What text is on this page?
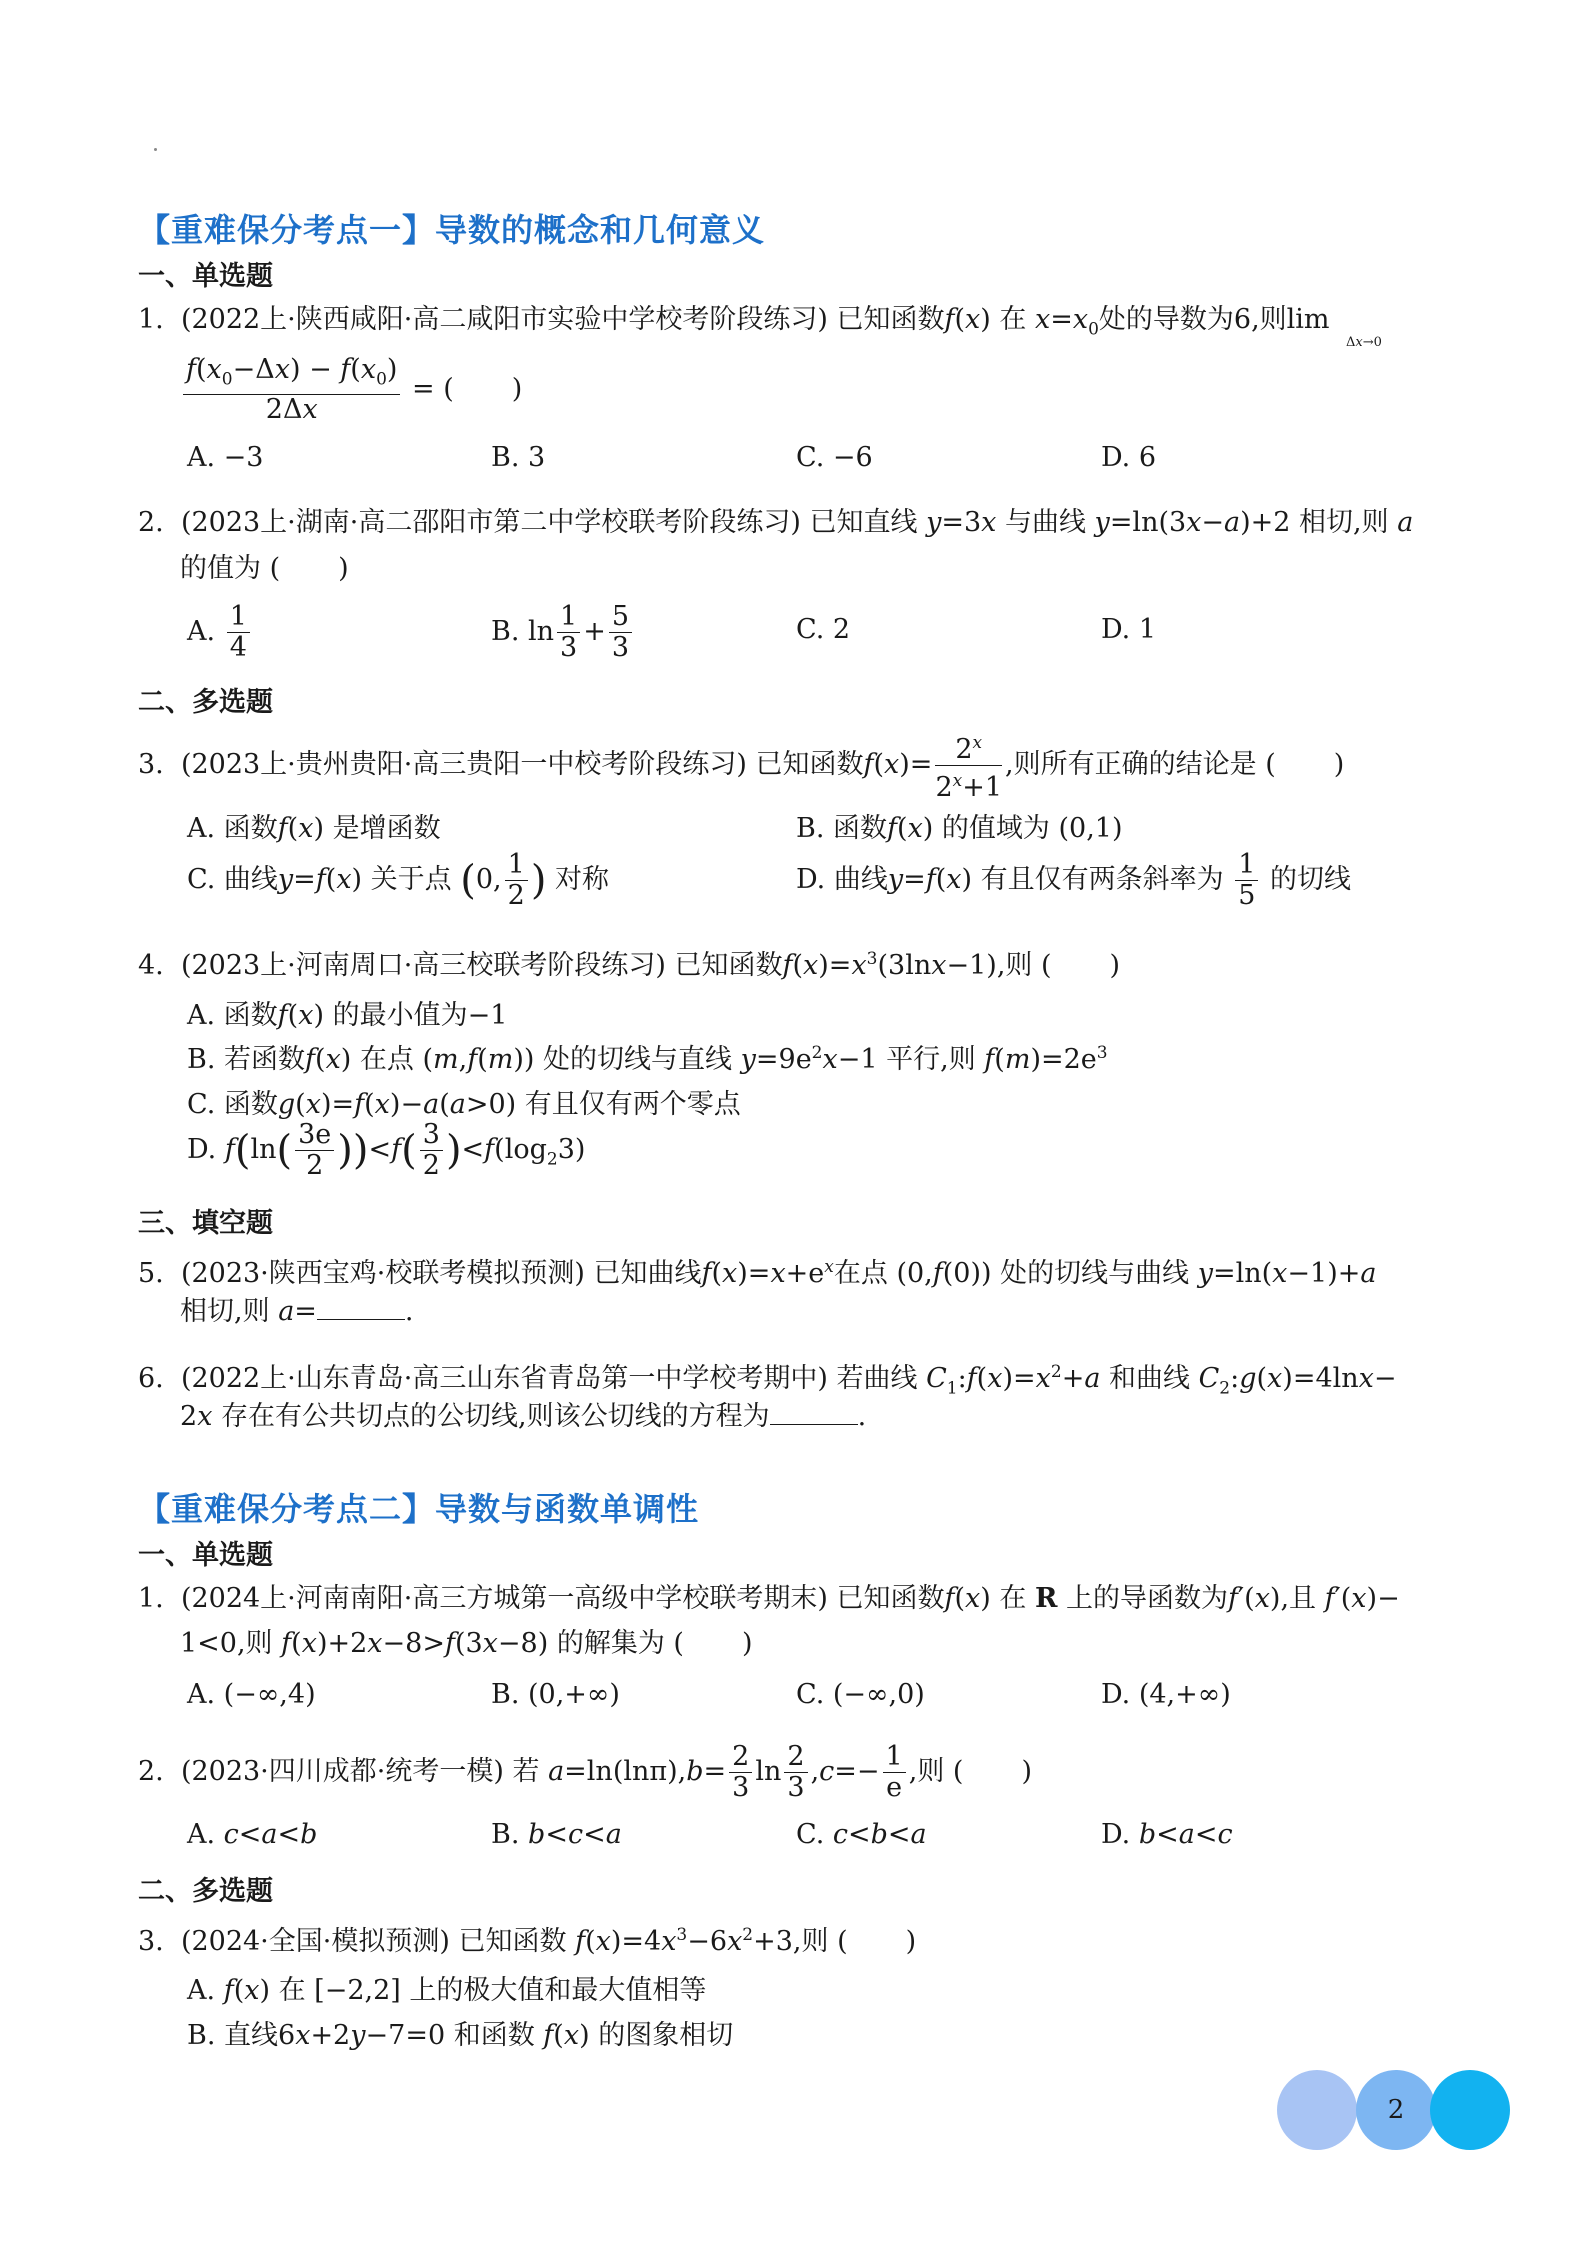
【重难保分考点一】导数的概念和几何意义
一、单选题
1. (2022上·陕西咸阳·高二咸阳市实验中学校考阶段练习) 已知函数f(x) 在 $x=x_0$处的导数为6,则lim
Δx→0
$\frac{f(x_0-\Delta x) - f(x_0)}{2\Delta x}$ = ( )
A. −3	B. 3	C. −6	D. 6
2. (2023上·湖南·高二邵阳市第二中学校联考阶段练习) 已知直线 y=3x 与曲线 y=ln(3x−a)+2 相切,则 a
的值为 ( )
A. $\frac{1}{4}$	B. $\ln \frac{1}{3} + \frac{5}{3}$	C. 2	D. 1
二、多选题
3. (2023上·贵州贵阳·高三贵阳一中校考阶段练习) 已知函数$f(x)= \frac{2^x}{2^x+1}$ ,则所有正确的结论是 ( )
A. 函数f(x) 是增函数	B. 函数f(x) 的值域为 (0,1)
C. 曲线y=f(x) 关于点 (0, $\frac{1}{2}$ ) 对称	D. 曲线y=f(x) 有且仅有两条斜率为 $\frac{1}{5}$ 的切线
4. (2023上·河南周口·高三校联考阶段练习) 已知函数$f(x)=x^3(3\ln x-1)$,则 ( )
A. 函数f(x) 的最小值为−1
B. 若函数f(x) 在点 (m,f(m)) 处的切线与直线 $y=9e^2x-1$ 平行,则 $f(m)=2e^3$
C. 函数g(x)=f(x)−a(a>0) 有且仅有两个零点
D. $f(\ln( \frac{3e}{2} ))<f( \frac{3}{2} )<f(\log_23)$
三、填空题
5. (2023·陕西宝鸡·校联考模拟预测) 已知曲线$f(x)=x+e^x$在点 (0,f(0)) 处的切线与曲线 y=ln(x−1)+a
相切,则 a=	.
6. (2022上·山东青岛·高三山东省青岛第一中学校考期中) 若曲线 $C_1:f(x)=x^2+a$ 和曲线 $C_2:g(x)=4\ln x-$
2x 存在有公共切点的公切线,则该公切线的方程为	.
【重难保分考点二】导数与函数单调性
一、单选题
1. (2024上·河南南阳·高三方城第一高级中学校联考期末) 已知函数f(x) 在 R 上的导函数为f′(x),且 f′(x)−
1<0,则 f(x)+2x−8>f(3x−8) 的解集为 ( )
A. (−∞,4)	B. (0,+∞)	C. (−∞,0)	D. (4,+∞)
2. (2023·四川成都·统考一模) 若 $a=\ln(\ln\pi),b= \frac{2}{3}$ $\ln \frac{2}{3} ,c=- \frac{1}{e}$ ,则 ( )
A. c<a<b	B. b<c<a	C. c<b<a	D. b<a<c
二、多选题
3. (2024·全国·模拟预测) 已知函数 $f(x)=4x^3-6x^2+3$,则 ( )
A. f(x) 在 [−2,2] 上的极大值和最大值相等
B. 直线6x+2y−7=0 和函数 f(x) 的图象相切
2
